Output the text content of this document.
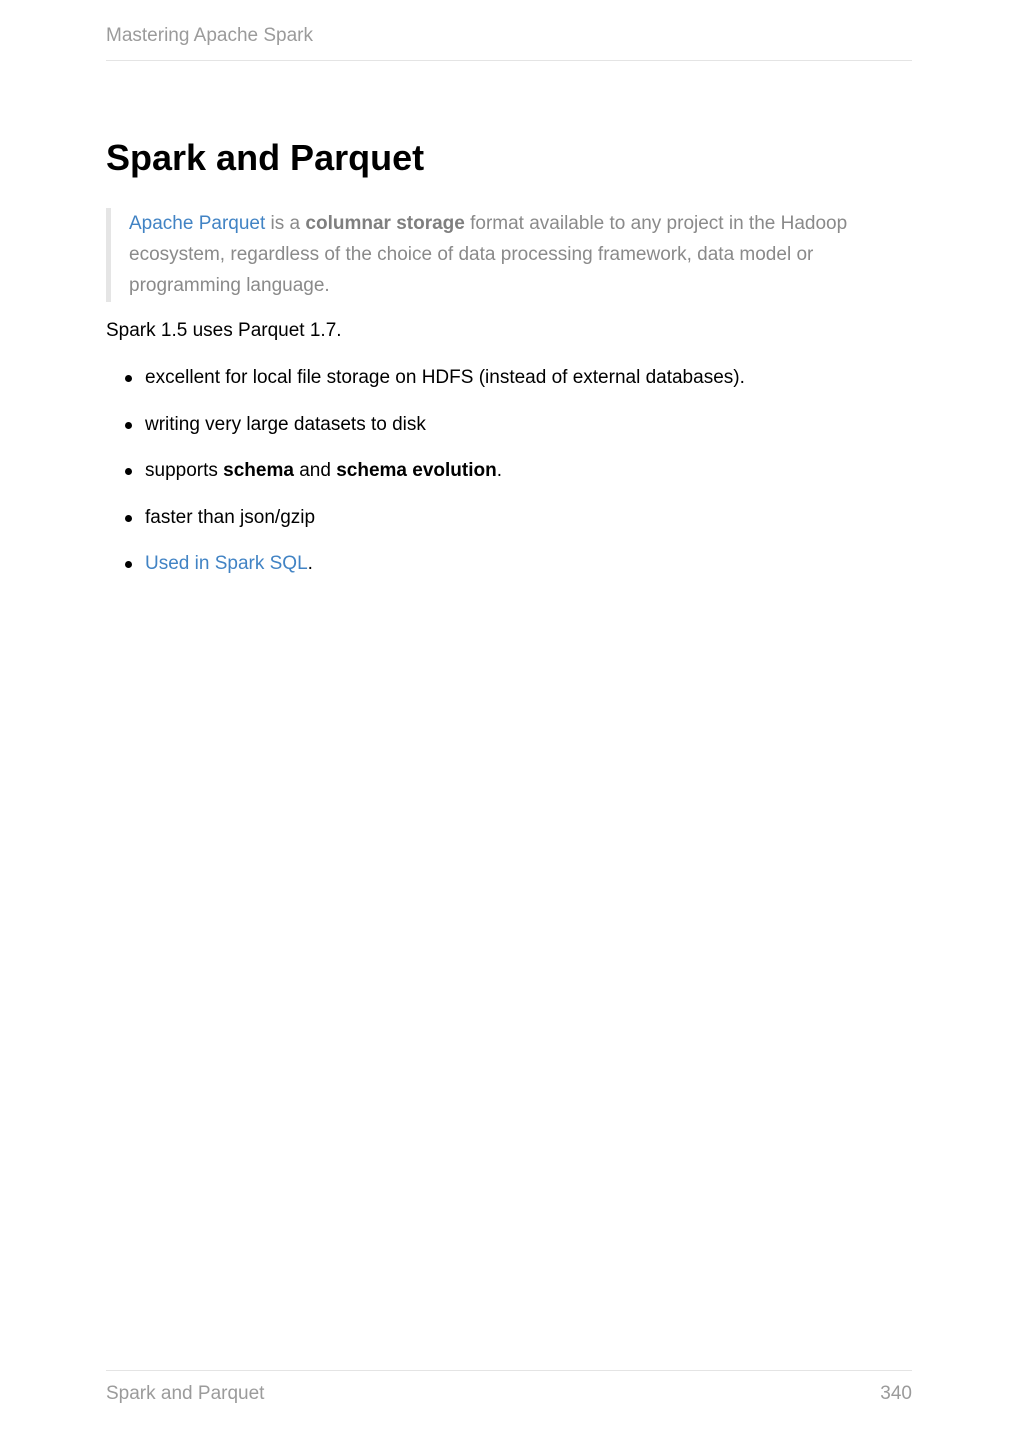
Mastering Apache Spark
Spark and Parquet

Apache Parquet is a columnar storage format available to any project in the Hadoop ecosystem, regardless of the choice of data processing framework, data model or programming language.

Spark 1.5 uses Parquet 1.7.

excellent for local file storage on HDFS (instead of external databases).
writing very large datasets to disk
supports schema and schema evolution.
faster than json/gzip
Used in Spark SQL.
Spark and Parquet	340
